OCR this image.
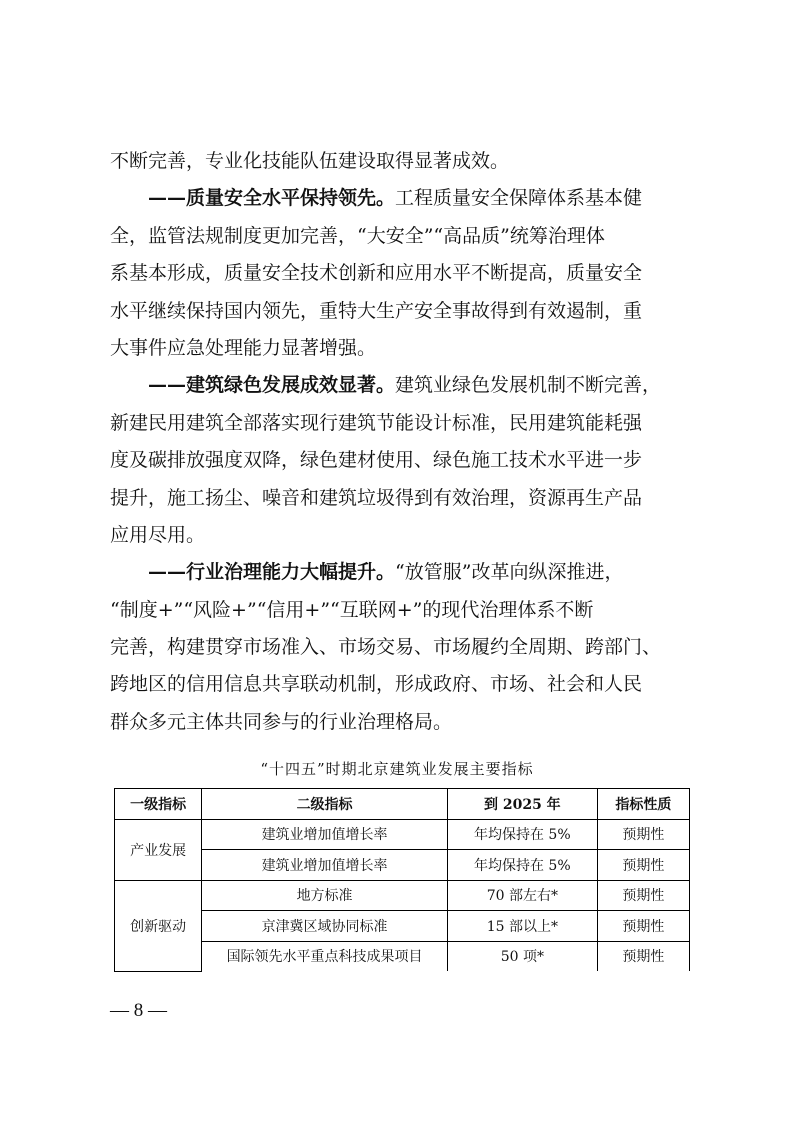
不断完善，专业化技能队伍建设取得显著成效。
——质量安全水平保持领先。工程质量安全保障体系基本健
全，监管法规制度更加完善，“大安全”“高品质”统筹治理体
系基本形成，质量安全技术创新和应用水平不断提高，质量安全
水平继续保持国内领先，重特大生产安全事故得到有效遏制，重
大事件应急处理能力显著增强。
——建筑绿色发展成效显著。建筑业绿色发展机制不断完善，
新建民用建筑全部落实现行建筑节能设计标准，民用建筑能耗强
度及碳排放强度双降，绿色建材使用、绿色施工技术水平进一步
提升，施工扬尘、噪音和建筑垃圾得到有效治理，资源再生产品
应用尽用。
——行业治理能力大幅提升。“放管服”改革向纵深推进，
“制度+”“风险+”“信用+”“互联网+”的现代治理体系不断
完善，构建贯穿市场准入、市场交易、市场履约全周期、跨部门、
跨地区的信用信息共享联动机制，形成政府、市场、社会和人民
群众多元主体共同参与的行业治理格局。
“十四五”时期北京建筑业发展主要指标
一级指标	二级指标	到 2025 年	指标性质
产业发展	建筑业增加值增长率	年均保持在 5%	预期性
	建筑业增加值增长率	年均保持在 5%	预期性
创新驱动	地方标准	70 部左右*	预期性
	京津冀区域协同标准	15 部以上*	预期性
	国际领先水平重点科技成果项目	50 项*	预期性
— 8 —
